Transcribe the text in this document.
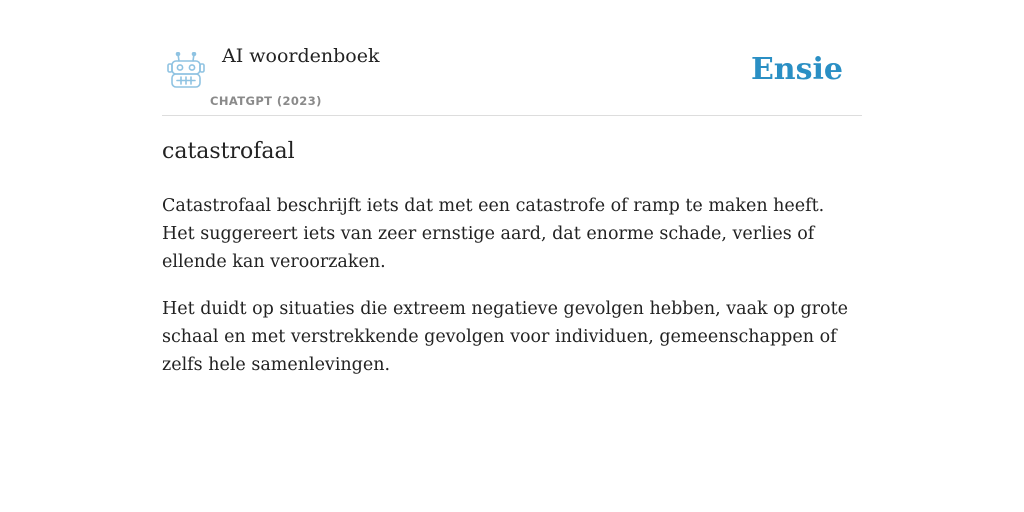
AI woordenboek
CHATGPT (2023)
Ensie
catastrofaal

Catastrofaal beschrijft iets dat met een catastrofe of ramp te maken heeft. Het suggereert iets van zeer ernstige aard, dat enorme schade, verlies of ellende kan veroorzaken.

Het duidt op situaties die extreem negatieve gevolgen hebben, vaak op grote schaal en met verstrekkende gevolgen voor individuen, gemeenschappen of zelfs hele samenlevingen.
